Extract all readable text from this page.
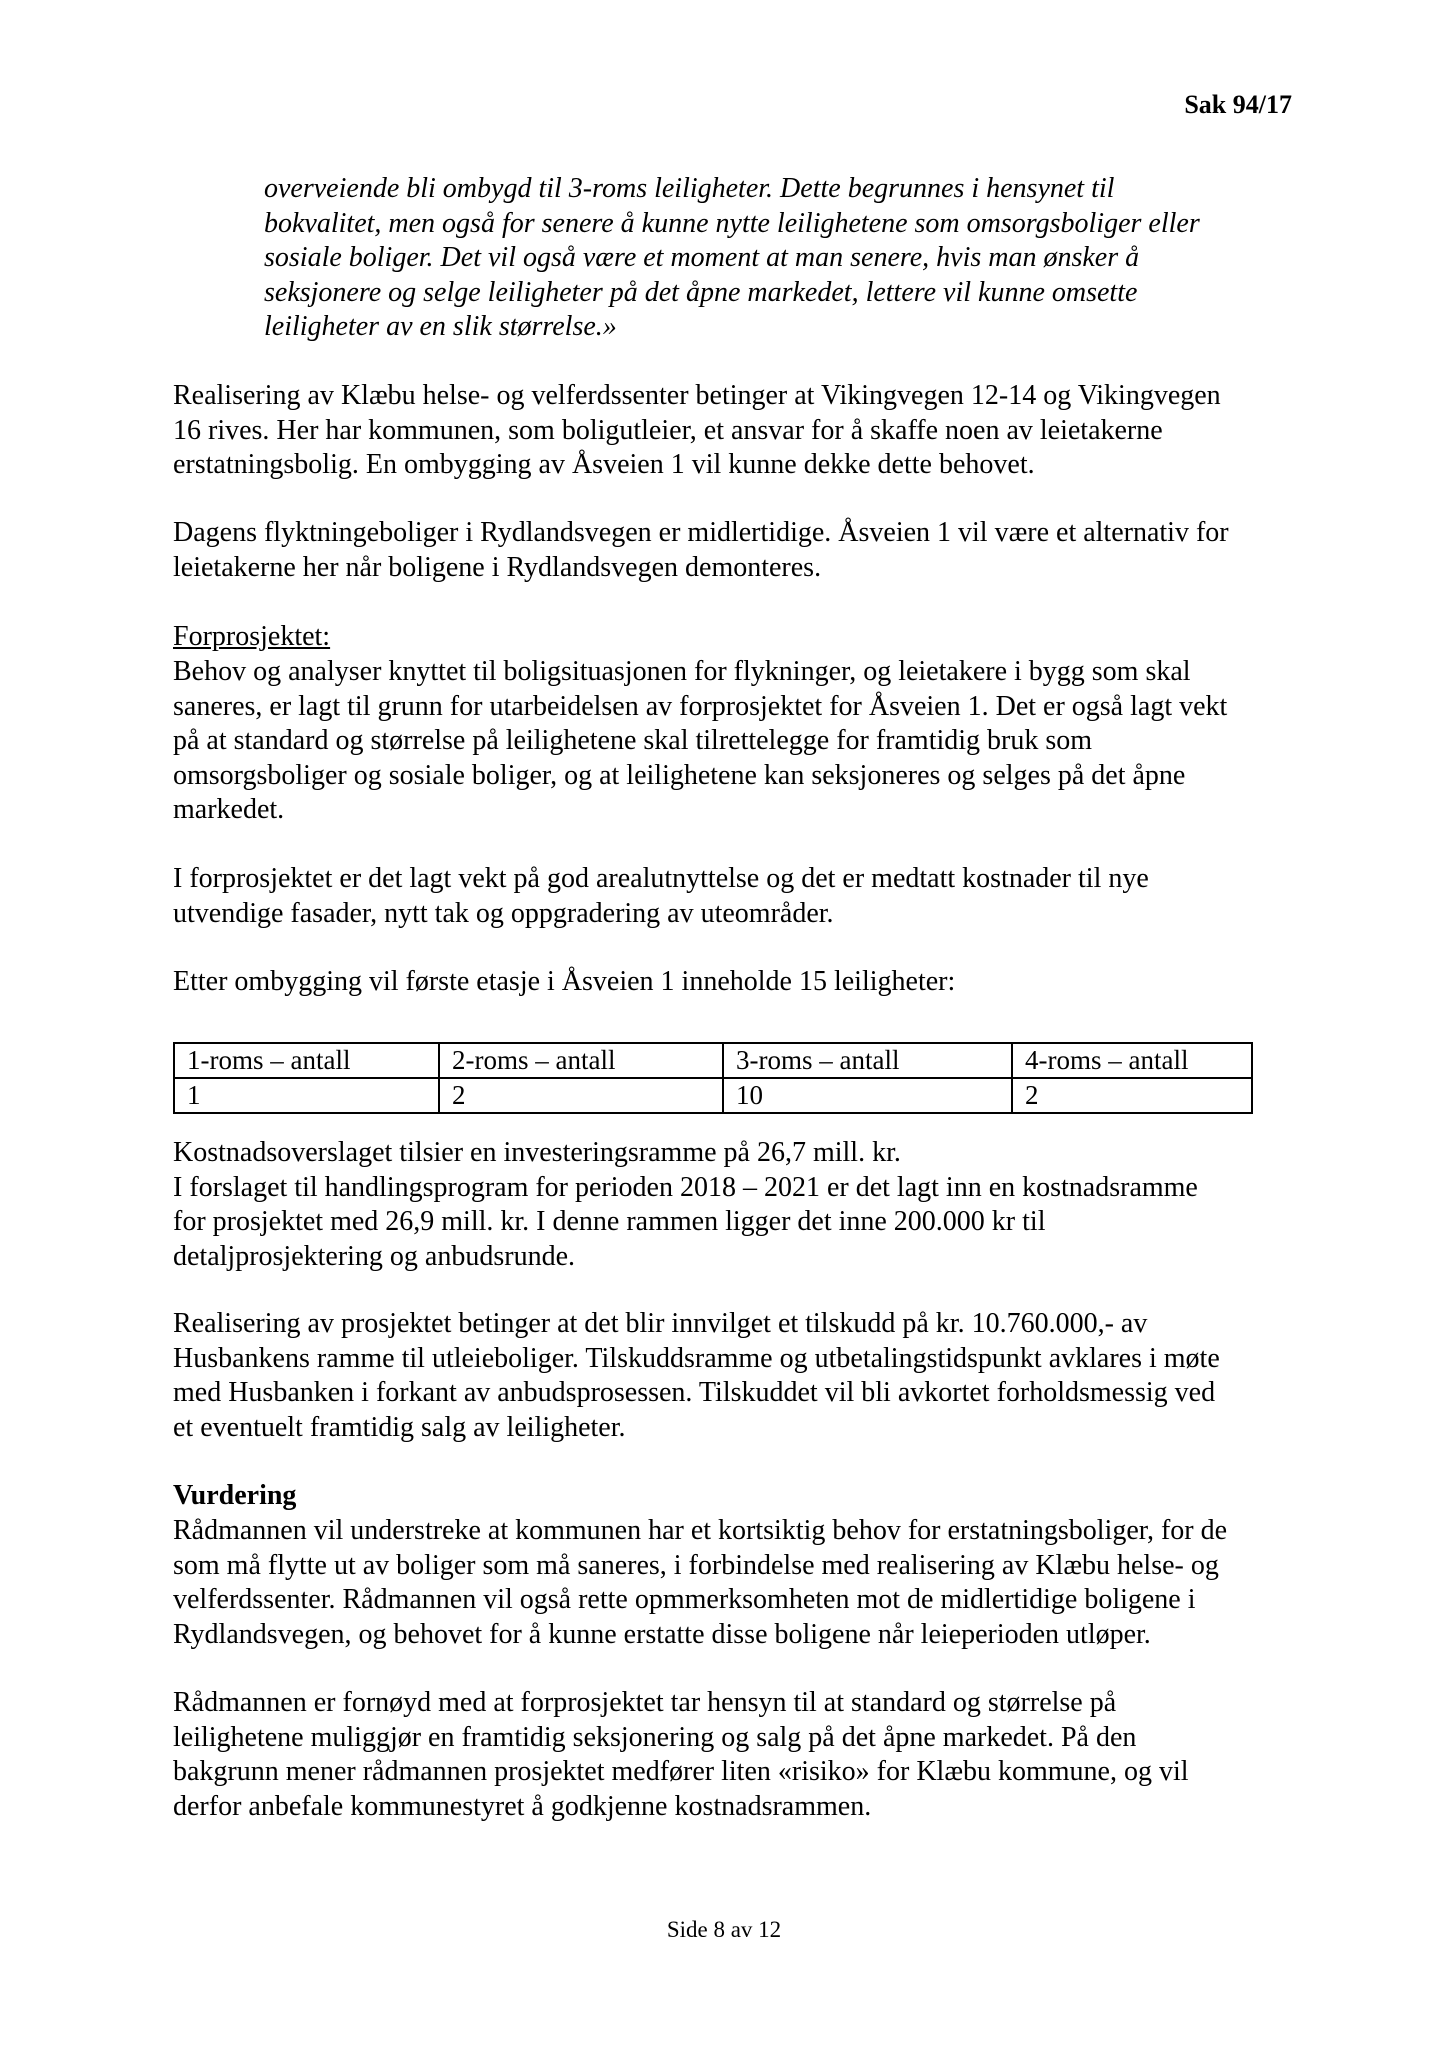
Sak 94/17

overveiende bli ombygd til 3-roms leiligheter. Dette begrunnes i hensynet til
bokvalitet, men også for senere å kunne nytte leilighetene som omsorgsboliger eller
sosiale boliger. Det vil også være et moment at man senere, hvis man ønsker å
seksjonere og selge leiligheter på det åpne markedet, lettere vil kunne omsette
leiligheter av en slik størrelse.»

Realisering av Klæbu helse- og velferdssenter betinger at Vikingvegen 12-14 og Vikingvegen
16 rives. Her har kommunen, som boligutleier, et ansvar for å skaffe noen av leietakerne
erstatningsbolig. En ombygging av Åsveien 1 vil kunne dekke dette behovet.

Dagens flyktningeboliger i Rydlandsvegen er midlertidige. Åsveien 1 vil være et alternativ for
leietakerne her når boligene i Rydlandsvegen demonteres.

Forprosjektet:

Behov og analyser knyttet til boligsituasjonen for flykninger, og leietakere i bygg som skal
saneres, er lagt til grunn for utarbeidelsen av forprosjektet for Åsveien 1. Det er også lagt vekt
på at standard og størrelse på leilighetene skal tilrettelegge for framtidig bruk som
omsorgsboliger og sosiale boliger, og at leilighetene kan seksjoneres og selges på det åpne
markedet.

I forprosjektet er det lagt vekt på god arealutnyttelse og det er medtatt kostnader til nye
utvendige fasader, nytt tak og oppgradering av uteområder.

Etter ombygging vil første etasje i Åsveien 1 inneholde 15 leiligheter:

1-roms – antall	2-roms – antall	3-roms – antall	4-roms – antall
1	2	10	2

Kostnadsoverslaget tilsier en investeringsramme på 26,7 mill. kr.
I forslaget til handlingsprogram for perioden 2018 – 2021 er det lagt inn en kostnadsramme
for prosjektet med 26,9 mill. kr. I denne rammen ligger det inne 200.000 kr til
detaljprosjektering og anbudsrunde.

Realisering av prosjektet betinger at det blir innvilget et tilskudd på kr. 10.760.000,- av
Husbankens ramme til utleieboliger. Tilskuddsramme og utbetalingstidspunkt avklares i møte
med Husbanken i forkant av anbudsprosessen. Tilskuddet vil bli avkortet forholdsmessig ved
et eventuelt framtidig salg av leiligheter.

Vurdering

Rådmannen vil understreke at kommunen har et kortsiktig behov for erstatningsboliger, for de
som må flytte ut av boliger som må saneres, i forbindelse med realisering av Klæbu helse- og
velferdssenter. Rådmannen vil også rette opmmerksomheten mot de midlertidige boligene i
Rydlandsvegen, og behovet for å kunne erstatte disse boligene når leieperioden utløper.

Rådmannen er fornøyd med at forprosjektet tar hensyn til at standard og størrelse på
leilighetene muliggjør en framtidig seksjonering og salg på det åpne markedet. På den
bakgrunn mener rådmannen prosjektet medfører liten «risiko» for Klæbu kommune, og vil
derfor anbefale kommunestyret å godkjenne kostnadsrammen.

Side 8 av 12
